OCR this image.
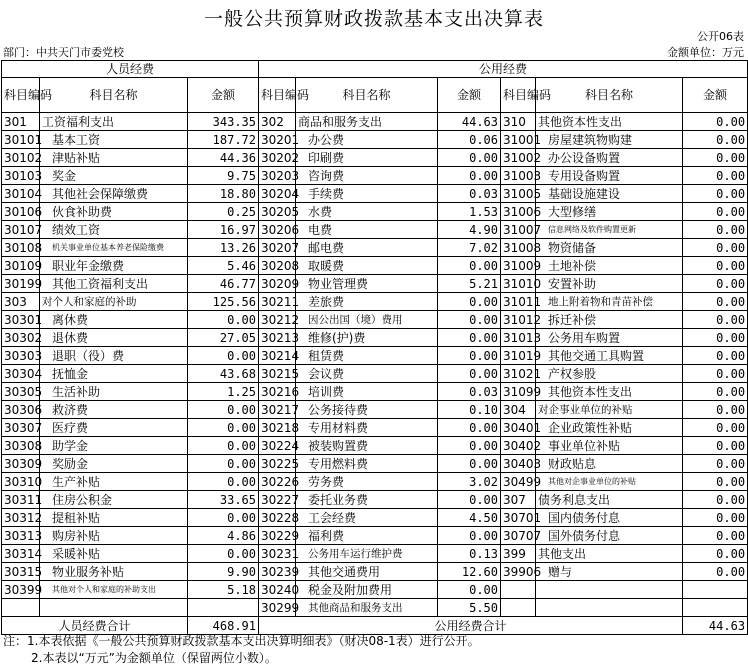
一般公共预算财政拨款基本支出决算表
公开06表
部门：中共天门市委党校	金额单位：万元
人员经费			公用经费					
科目编码	科目名称	金额	科目编码	科目名称	金额	科目编码	科目名称	金额
301	工资福利支出	343.35	302	商品和服务支出	44.63	310	其他资本性支出	0.00
30101	基本工资	187.72	30201	办公费	0.06	31001	房屋建筑物购建	0.00
30102	津贴补贴	44.36	30202	印刷费	0.00	31002	办公设备购置	0.00
30103	奖金	9.75	30203	咨询费	0.00	31003	专用设备购置	0.00
30104	其他社会保障缴费	18.80	30204	手续费	0.03	31005	基础设施建设	0.00
30106	伙食补助费	0.25	30205	水费	1.53	31006	大型修缮	0.00
30107	绩效工资	16.97	30206	电费	4.90	31007	信息网络及软件购置更新	0.00
30108	机关事业单位基本养老保险缴费	13.26	30207	邮电费	7.02	31008	物资储备	0.00
30109	职业年金缴费	5.46	30208	取暖费	0.00	31009	土地补偿	0.00
30199	其他工资福利支出	46.77	30209	物业管理费	5.21	31010	安置补助	0.00
303	对个人和家庭的补助	125.56	30211	差旅费	0.00	31011	地上附着物和青苗补偿	0.00
30301	离休费	0.00	30212	因公出国（境）费用	0.00	31012	拆迁补偿	0.00
30302	退休费	27.05	30213	维修(护)费	0.00	31013	公务用车购置	0.00
30303	退职（役）费	0.00	30214	租赁费	0.00	31019	其他交通工具购置	0.00
30304	抚恤金	43.68	30215	会议费	0.00	31021	产权参股	0.00
30305	生活补助	1.25	30216	培训费	0.03	31099	其他资本性支出	0.00
30306	救济费	0.00	30217	公务接待费	0.10	304	对企事业单位的补贴	0.00
30307	医疗费	0.00	30218	专用材料费	0.00	30401	企业政策性补贴	0.00
30308	助学金	0.00	30224	被装购置费	0.00	30402	事业单位补贴	0.00
30309	奖励金	0.00	30225	专用燃料费	0.00	30403	财政贴息	0.00
30310	生产补贴	0.00	30226	劳务费	3.02	30499	其他对企事业单位的补贴	0.00
30311	住房公积金	33.65	30227	委托业务费	0.00	307	债务利息支出	0.00
30312	提租补贴	0.00	30228	工会经费	4.50	30701	国内债务付息	0.00
30313	购房补贴	4.86	30229	福利费	0.00	30707	国外债务付息	0.00
30314	采暖补贴	0.00	30231	公务用车运行维护费	0.13	399	其他支出	0.00
30315	物业服务补贴	9.90	30239	其他交通费用	12.60	39906	赠与	0.00
30399	其他对个人和家庭的补助支出	5.18	30240	税金及附加费用	0.00			
			30299	其他商品和服务支出	5.50			
人员经费合计		468.91	公用经费合计					44.63
注：1.本表依据《一般公共预算财政拨款基本支出决算明细表》（财决08-1表）进行公开。
2.本表以“万元”为金额单位（保留两位小数）。
